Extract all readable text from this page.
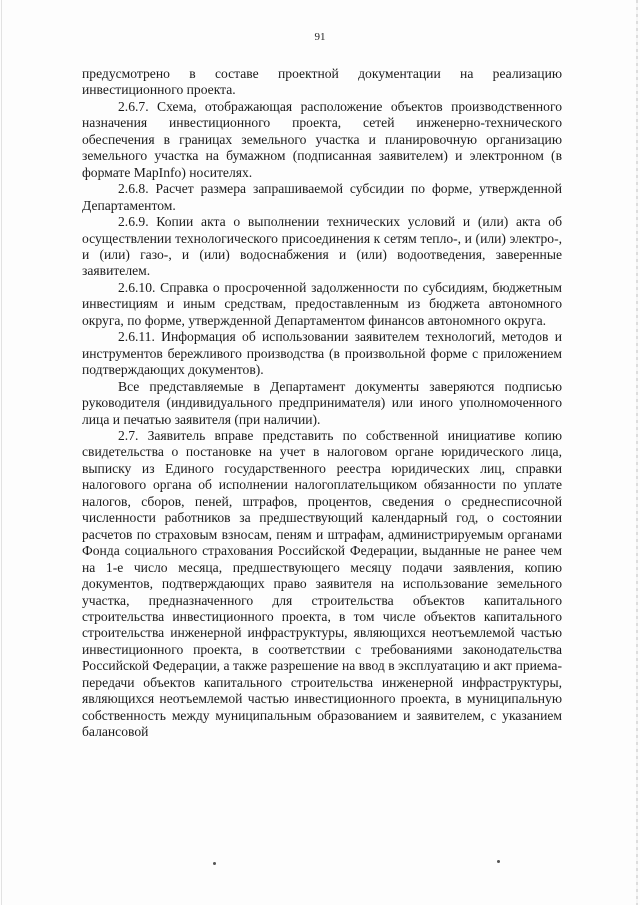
91

предусмотрено в составе проектной документации на реализацию инвестиционного проекта.

2.6.7. Схема, отображающая расположение объектов производственного назначения инвестиционного проекта, сетей инженерно-технического обеспечения в границах земельного участка и планировочную организацию земельного участка на бумажном (подписанная заявителем) и электронном (в формате MapInfo) носителях.

2.6.8. Расчет размера запрашиваемой субсидии по форме, утвержденной Департаментом.

2.6.9. Копии акта о выполнении технических условий и (или) акта об осуществлении технологического присоединения к сетям тепло-, и (или) электро-, и (или) газо-, и (или) водоснабжения и (или) водоотведения, заверенные заявителем.

2.6.10. Справка о просроченной задолженности по субсидиям, бюджетным инвестициям и иным средствам, предоставленным из бюджета автономного округа, по форме, утвержденной Департаментом финансов автономного округа.

2.6.11. Информация об использовании заявителем технологий, методов и инструментов бережливого производства (в произвольной форме с приложением подтверждающих документов).

Все представляемые в Департамент документы заверяются подписью руководителя (индивидуального предпринимателя) или иного уполномоченного лица и печатью заявителя (при наличии).

2.7. Заявитель вправе представить по собственной инициативе копию свидетельства о постановке на учет в налоговом органе юридического лица, выписку из Единого государственного реестра юридических лиц, справки налогового органа об исполнении налогоплательщиком обязанности по уплате налогов, сборов, пеней, штрафов, процентов, сведения о среднесписочной численности работников за предшествующий календарный год, о состоянии расчетов по страховым взносам, пеням и штрафам, администрируемым органами Фонда социального страхования Российской Федерации, выданные не ранее чем на 1-е число месяца, предшествующего месяцу подачи заявления, копию документов, подтверждающих право заявителя на использование земельного участка, предназначенного для строительства объектов капитального строительства инвестиционного проекта, в том числе объектов капитального строительства инженерной инфраструктуры, являющихся неотъемлемой частью инвестиционного проекта, в соответствии с требованиями законодательства Российской Федерации, а также разрешение на ввод в эксплуатацию и акт приема-передачи объектов капитального строительства инженерной инфраструктуры, являющихся неотъемлемой частью инвестиционного проекта, в муниципальную собственность между муниципальным образованием и заявителем, с указанием балансовой
